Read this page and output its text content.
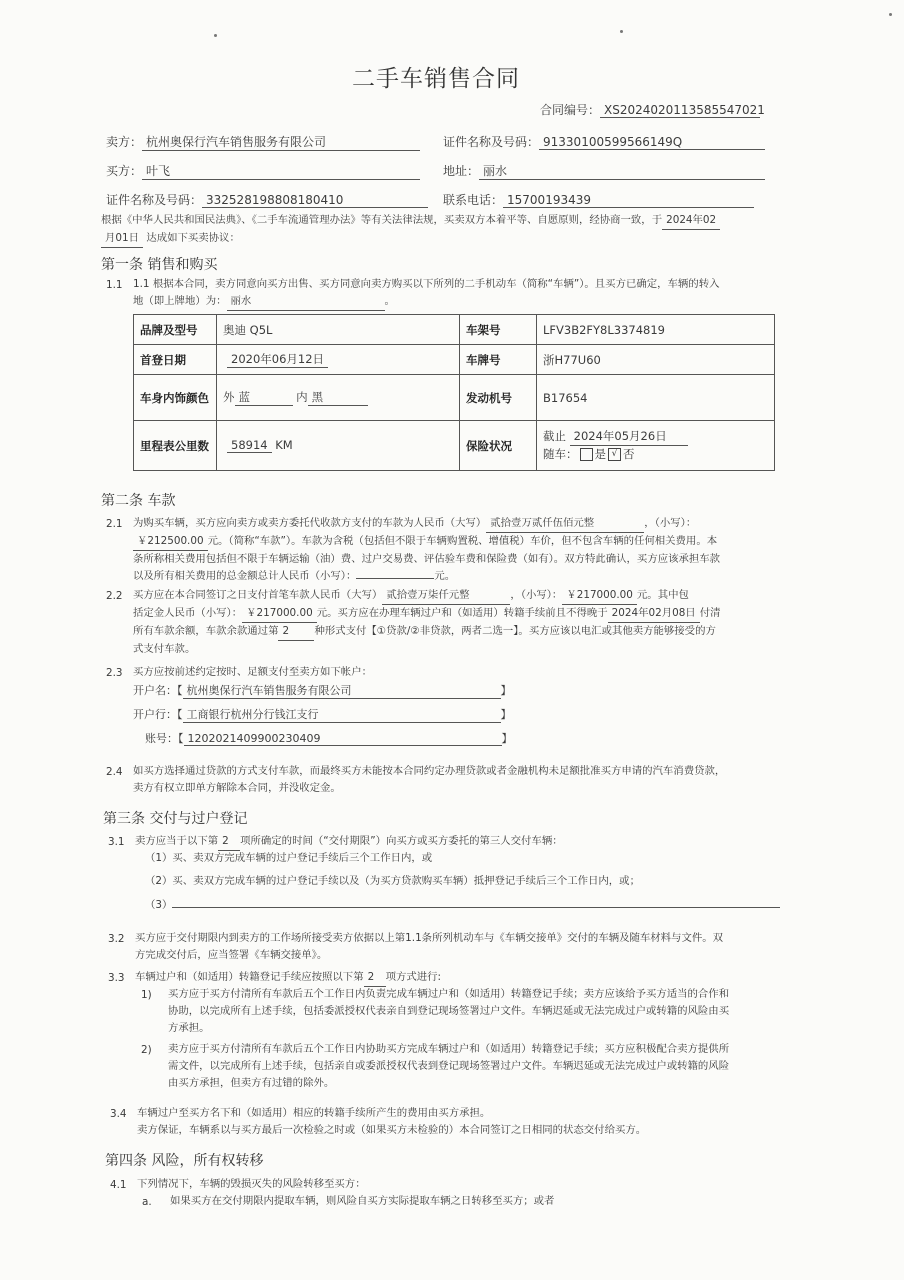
二手车销售合同
合同编号： XS2024020113585547021
卖方： 杭州奥保行汽车销售服务有限公司	证件名称及号码： 91330100599566149Q
买方： 叶飞	地址： 丽水
证件名称及号码： 332528198808180410	联系电话： 15700193439
根据《中华人民共和国民法典》、《二手车流通管理办法》等有关法律法规，买卖双方本着平等、自愿原则，经协商一致，于 2024年02
月01日 达成如下买卖协议：
第一条 销售和购买
1.1 1.1 根据本合同，卖方同意向买方出售、买方同意向卖方购买以下所列的二手机动车（简称“车辆”）。且买方已确定，车辆的转入
地（即上牌地）为： 丽水	。
品牌及型号	奥迪 Q5L	车架号	LFV3B2FY8L3374819
首登日期	2020年06月12日	车牌号	浙H77U60
车身内饰颜色	外 蓝 内 黑	发动机号	B17654
里程表公里数	58914 KM	保险状况	截止 2024年05月26日
随车： 是 √ 否
第二条 车款
2.1 为购买车辆，买方应向卖方或卖方委托代收款方支付的车款为人民币（大写） 贰拾壹万贰仟伍佰元整	，（小写）：
￥212500.00 元。（简称“车款”）。车款为含税（包括但不限于车辆购置税、增值税）车价，但不包含车辆的任何相关费用。本
条所称相关费用包括但不限于车辆运输（油）费、过户交易费、评估验车费和保险费（如有）。双方特此确认，买方应该承担车款
以及所有相关费用的总金额总计人民币（小写）：	元。
2.2 买方应在本合同签订之日支付首笔车款人民币（大写） 贰拾壹万柒仟元整	，（小写）： ￥217000.00 元。其中包
括定金人民币（小写）： ￥217000.00 元。买方应在办理车辆过户和（如适用）转籍手续前且不得晚于 2024年02月08日 付清
所有车款余额，车款余款通过第 2 种形式支付【①贷款/②非贷款，两者二选一】。买方应该以电汇或其他卖方能够接受的方
式支付车款。
2.3 买方应按前述约定按时、足额支付至卖方如下帐户：
开户名：【 杭州奥保行汽车销售服务有限公司	】
开户行：【 工商银行杭州分行钱江支行	】
账号：【 1202021409900230409	】
2.4 如买方选择通过贷款的方式支付车款，而最终买方未能按本合同约定办理贷款或者金融机构未足额批准买方申请的汽车消费贷款，
卖方有权立即单方解除本合同，并没收定金。
第三条 交付与过户登记
3.1 卖方应当于以下第 2 项所确定的时间（“交付期限”）向买方或买方委托的第三人交付车辆：
（1）买、卖双方完成车辆的过户登记手续后三个工作日内，或
（2）买、卖双方完成车辆的过户登记手续以及（为买方贷款购买车辆）抵押登记手续后三个工作日内，或；
（3）
3.2 买方应于交付期限内到卖方的工作场所接受卖方依据以上第1.1条所列机动车与《车辆交接单》交付的车辆及随车材料与文件。双
方完成交付后，应当签署《车辆交接单》。
3.3 车辆过户和（如适用）转籍登记手续应按照以下第 2 项方式进行:
1) 买方应于买方付清所有车款后五个工作日内负责完成车辆过户和（如适用）转籍登记手续；卖方应该给予买方适当的合作和
协助，以完成所有上述手续，包括委派授权代表亲自到登记现场签署过户文件。车辆迟延或无法完成过户或转籍的风险由买
方承担。
2) 卖方应于买方付清所有车款后五个工作日内协助买方完成车辆过户和（如适用）转籍登记手续；买方应积极配合卖方提供所
需文件，以完成所有上述手续，包括亲自或委派授权代表到登记现场签署过户文件。车辆迟延或无法完成过户或转籍的风险
由买方承担，但卖方有过错的除外。
3.4 车辆过户至买方名下和（如适用）相应的转籍手续所产生的费用由买方承担。
卖方保证，车辆系以与买方最后一次检验之时或（如果买方未检验的）本合同签订之日相同的状态交付给买方。
第四条 风险，所有权转移
4.1 下列情况下，车辆的毁损灭失的风险转移至买方：
a. 如果买方在交付期限内提取车辆，则风险自买方实际提取车辆之日转移至买方；或者
